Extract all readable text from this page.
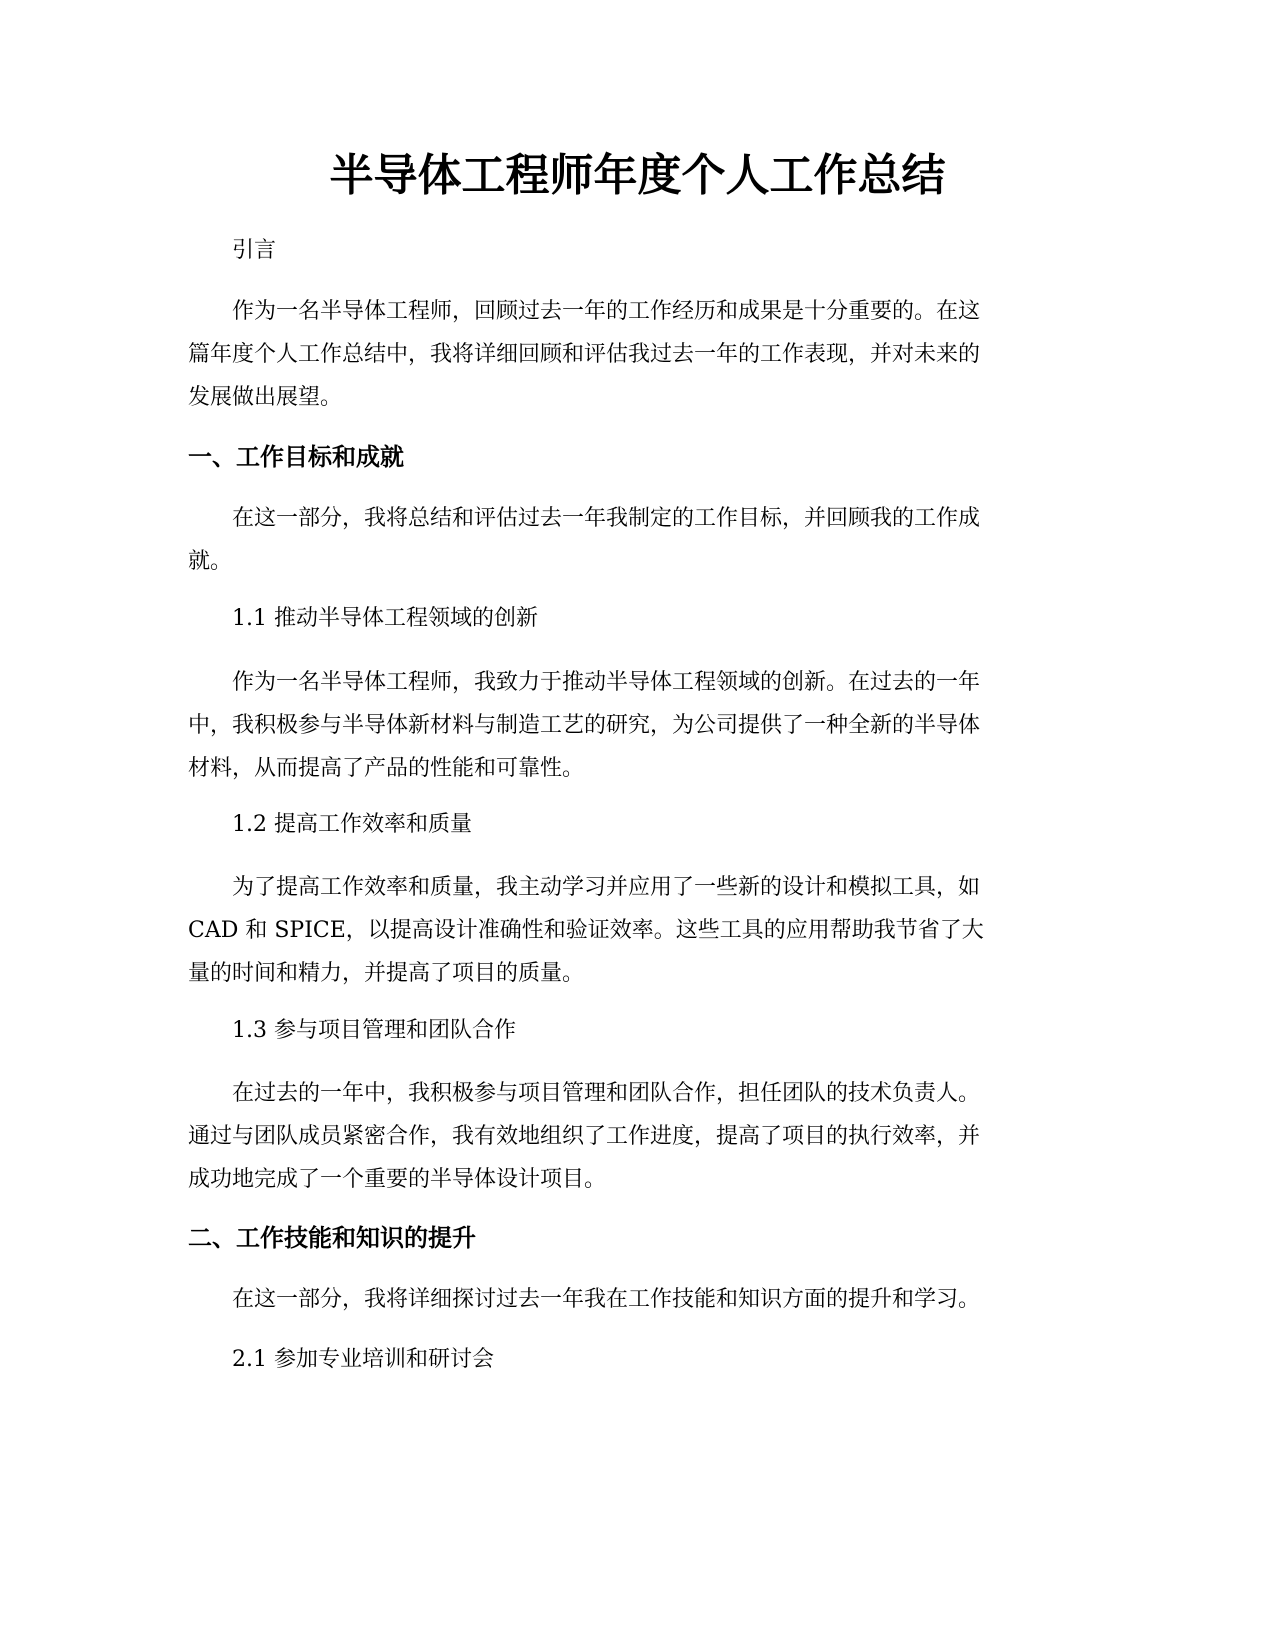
半导体工程师年度个人工作总结
引言
作为一名半导体工程师，回顾过去一年的工作经历和成果是十分重要的。在这
篇年度个人工作总结中，我将详细回顾和评估我过去一年的工作表现，并对未来的
发展做出展望。
一、工作目标和成就
在这一部分，我将总结和评估过去一年我制定的工作目标，并回顾我的工作成
就。
1.1 推动半导体工程领域的创新
作为一名半导体工程师，我致力于推动半导体工程领域的创新。在过去的一年
中，我积极参与半导体新材料与制造工艺的研究，为公司提供了一种全新的半导体
材料，从而提高了产品的性能和可靠性。
1.2 提高工作效率和质量
为了提高工作效率和质量，我主动学习并应用了一些新的设计和模拟工具，如
CAD 和 SPICE，以提高设计准确性和验证效率。这些工具的应用帮助我节省了大
量的时间和精力，并提高了项目的质量。
1.3 参与项目管理和团队合作
在过去的一年中，我积极参与项目管理和团队合作，担任团队的技术负责人。
通过与团队成员紧密合作，我有效地组织了工作进度，提高了项目的执行效率，并
成功地完成了一个重要的半导体设计项目。
二、工作技能和知识的提升
在这一部分，我将详细探讨过去一年我在工作技能和知识方面的提升和学习。
2.1 参加专业培训和研讨会
